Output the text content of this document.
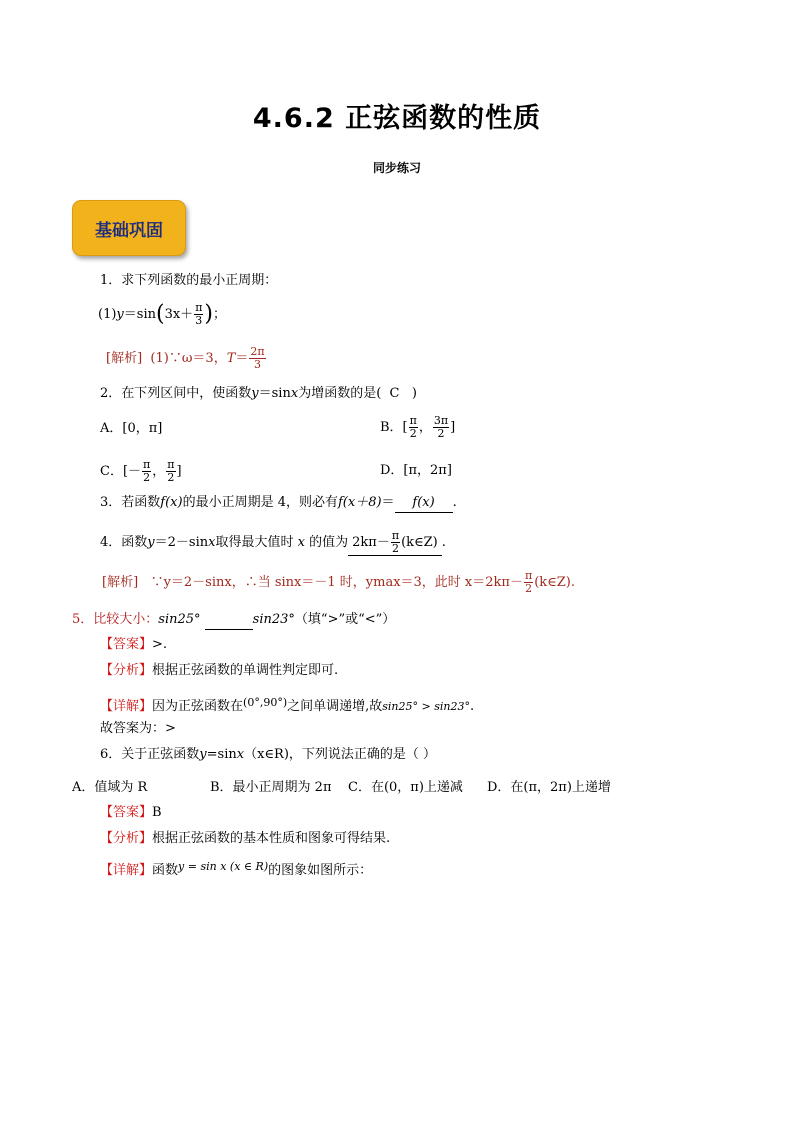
4.6.2 正弦函数的性质
同步练习
基础巩固
1．求下列函数的最小正周期：
$(1)y=\sin(3x+ \frac{\pi}{3}$ )；
[解析] (1)∵ω＝3，$T= \frac{2\pi}{3}$
2．在下列区间中，使函数y＝sinx为增函数的是( C )
A．[0，π]	B．[ $\frac{\pi}{2}$ ， $\frac{3\pi}{2}$ ]
C．[－ $\frac{\pi}{2}$ ， $\frac{\pi}{2}$ ]	D．[π，2π]
3．若函数f(x)的最小正周期是 4，则必有f(x＋8)＝ f(x) .
4．函数y＝2－sinx取得最大值时 x 的值为 $2k\pi- \frac{\pi}{2}$ (k∈Z) .
[解析] ∵y＝2－sinx，∴当 sinx＝－1 时，ymax＝3，此时 $x=2k\pi- \frac{\pi}{2}$ (k∈Z).
5．比较大小：sin25°	sin23°（填“>”或“<”）
【答案】>.
【分析】根据正弦函数的单调性判定即可.
【详解】因为正弦函数在$^{(0^\circ,90^\circ)}$之间单调递增,故sin25° > sin23°.
故答案为：>
6．关于正弦函数y=sinx（x∈R)，下列说法正确的是（ ）
A．值域为 R	B．最小正周期为 2π C．在(0，π)上递减 D．在(π，2π)上递增
【答案】B
【分析】根据正弦函数的基本性质和图象可得结果.
【详解】函数$^{y = sin x (x \in R)}$的图象如图所示：
